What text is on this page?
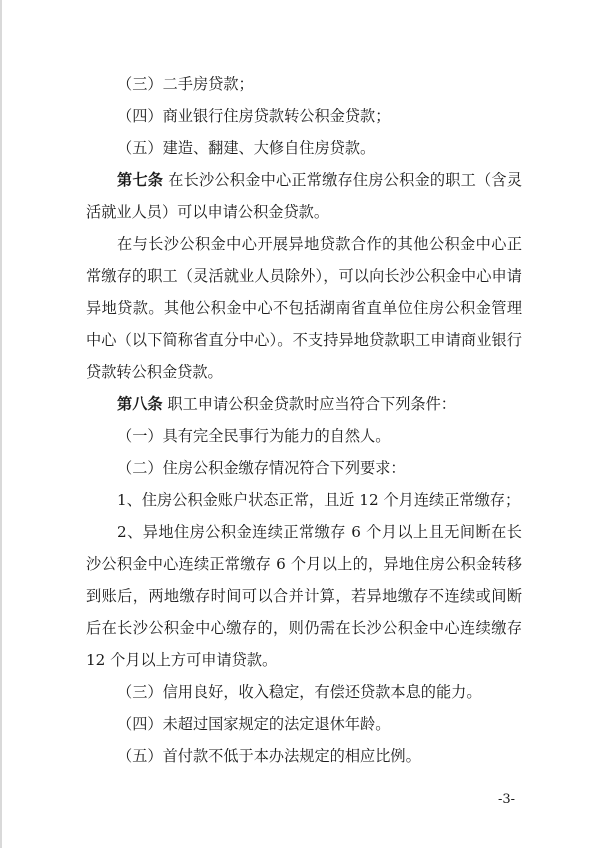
（三）二手房贷款；

（四）商业银行住房贷款转公积金贷款；

（五）建造、翻建、大修自住房贷款。

第七条 在长沙公积金中心正常缴存住房公积金的职工（含灵活就业人员）可以申请公积金贷款。

在与长沙公积金中心开展异地贷款合作的其他公积金中心正常缴存的职工（灵活就业人员除外），可以向长沙公积金中心申请异地贷款。其他公积金中心不包括湖南省直单位住房公积金管理中心（以下简称省直分中心）。不支持异地贷款职工申请商业银行贷款转公积金贷款。

第八条 职工申请公积金贷款时应当符合下列条件：

（一）具有完全民事行为能力的自然人。

（二）住房公积金缴存情况符合下列要求：

1、住房公积金账户状态正常，且近 12 个月连续正常缴存；

2、异地住房公积金连续正常缴存 6 个月以上且无间断在长沙公积金中心连续正常缴存 6 个月以上的，异地住房公积金转移到账后，两地缴存时间可以合并计算，若异地缴存不连续或间断后在长沙公积金中心缴存的，则仍需在长沙公积金中心连续缴存 12 个月以上方可申请贷款。

（三）信用良好，收入稳定，有偿还贷款本息的能力。

（四）未超过国家规定的法定退休年龄。

（五）首付款不低于本办法规定的相应比例。

-3-
